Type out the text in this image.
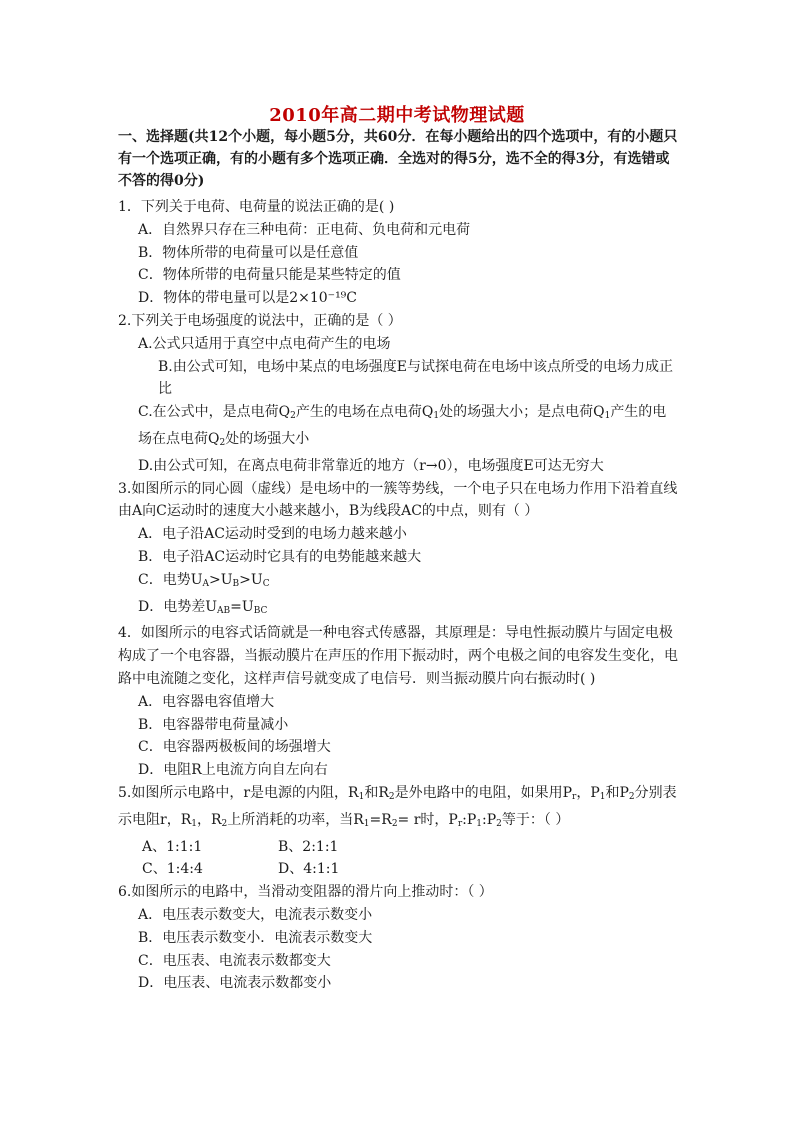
2010年高二期中考试物理试题
一、选择题(共12个小题，每小题5分，共60分．在每小题给出的四个选项中，有的小题只有一个选项正确，有的小题有多个选项正确．全选对的得5分，选不全的得3分，有选错或不答的得0分)
1．下列关于电荷、电荷量的说法正确的是( )
A．自然界只存在三种电荷：正电荷、负电荷和元电荷
B．物体所带的电荷量可以是任意值
C．物体所带的电荷量只能是某些特定的值
D．物体的带电量可以是2×10⁻¹⁹C
2.下列关于电场强度的说法中，正确的是（ ）
A.公式只适用于真空中点电荷产生的电场
B.由公式可知，电场中某点的电场强度E与试探电荷在电场中该点所受的电场力成正比
C.在公式中，是点电荷$Q_2$产生的电场在点电荷$Q_1$处的场强大小；是点电荷$Q_1$产生的电场在点电荷$Q_2$处的场强大小
D.由公式可知，在离点电荷非常靠近的地方（r→0），电场强度E可达无穷大
3.如图所示的同心圆（虚线）是电场中的一簇等势线，一个电子只在电场力作用下沿着直线由A向C运动时的速度大小越来越小，B为线段AC的中点，则有（ ）
A．电子沿AC运动时受到的电场力越来越小
B．电子沿AC运动时它具有的电势能越来越大
C．电势$U_A>U_B>U_C$
D．电势差$U_{AB}=U_{BC}$
4．如图所示的电容式话筒就是一种电容式传感器，其原理是：导电性振动膜片与固定电极构成了一个电容器，当振动膜片在声压的作用下振动时，两个电极之间的电容发生变化，电路中电流随之变化，这样声信号就变成了电信号．则当振动膜片向右振动时( )
A．电容器电容值增大
B．电容器带电荷量减小
C．电容器两极板间的场强增大
D．电阻R上电流方向自左向右
5.如图所示电路中，r是电源的内阻，$R_1$和$R_2$是外电路中的电阻，如果用$P_r$，$P_1$和$P_2$分别表示电阻r，$R_1$，$R_2$上所消耗的功率，当$R_1=R_2= r$时，$P_r:P_1:P_2$等于：（ ）
A、1:1:1	B、2:1:1
C、1:4:4	D、4:1:1
6.如图所示的电路中，当滑动变阻器的滑片向上推动时：（ ）
A．电压表示数变大，电流表示数变小
B．电压表示数变小．电流表示数变大
C．电压表、电流表示数都变大
D．电压表、电流表示数都变小
